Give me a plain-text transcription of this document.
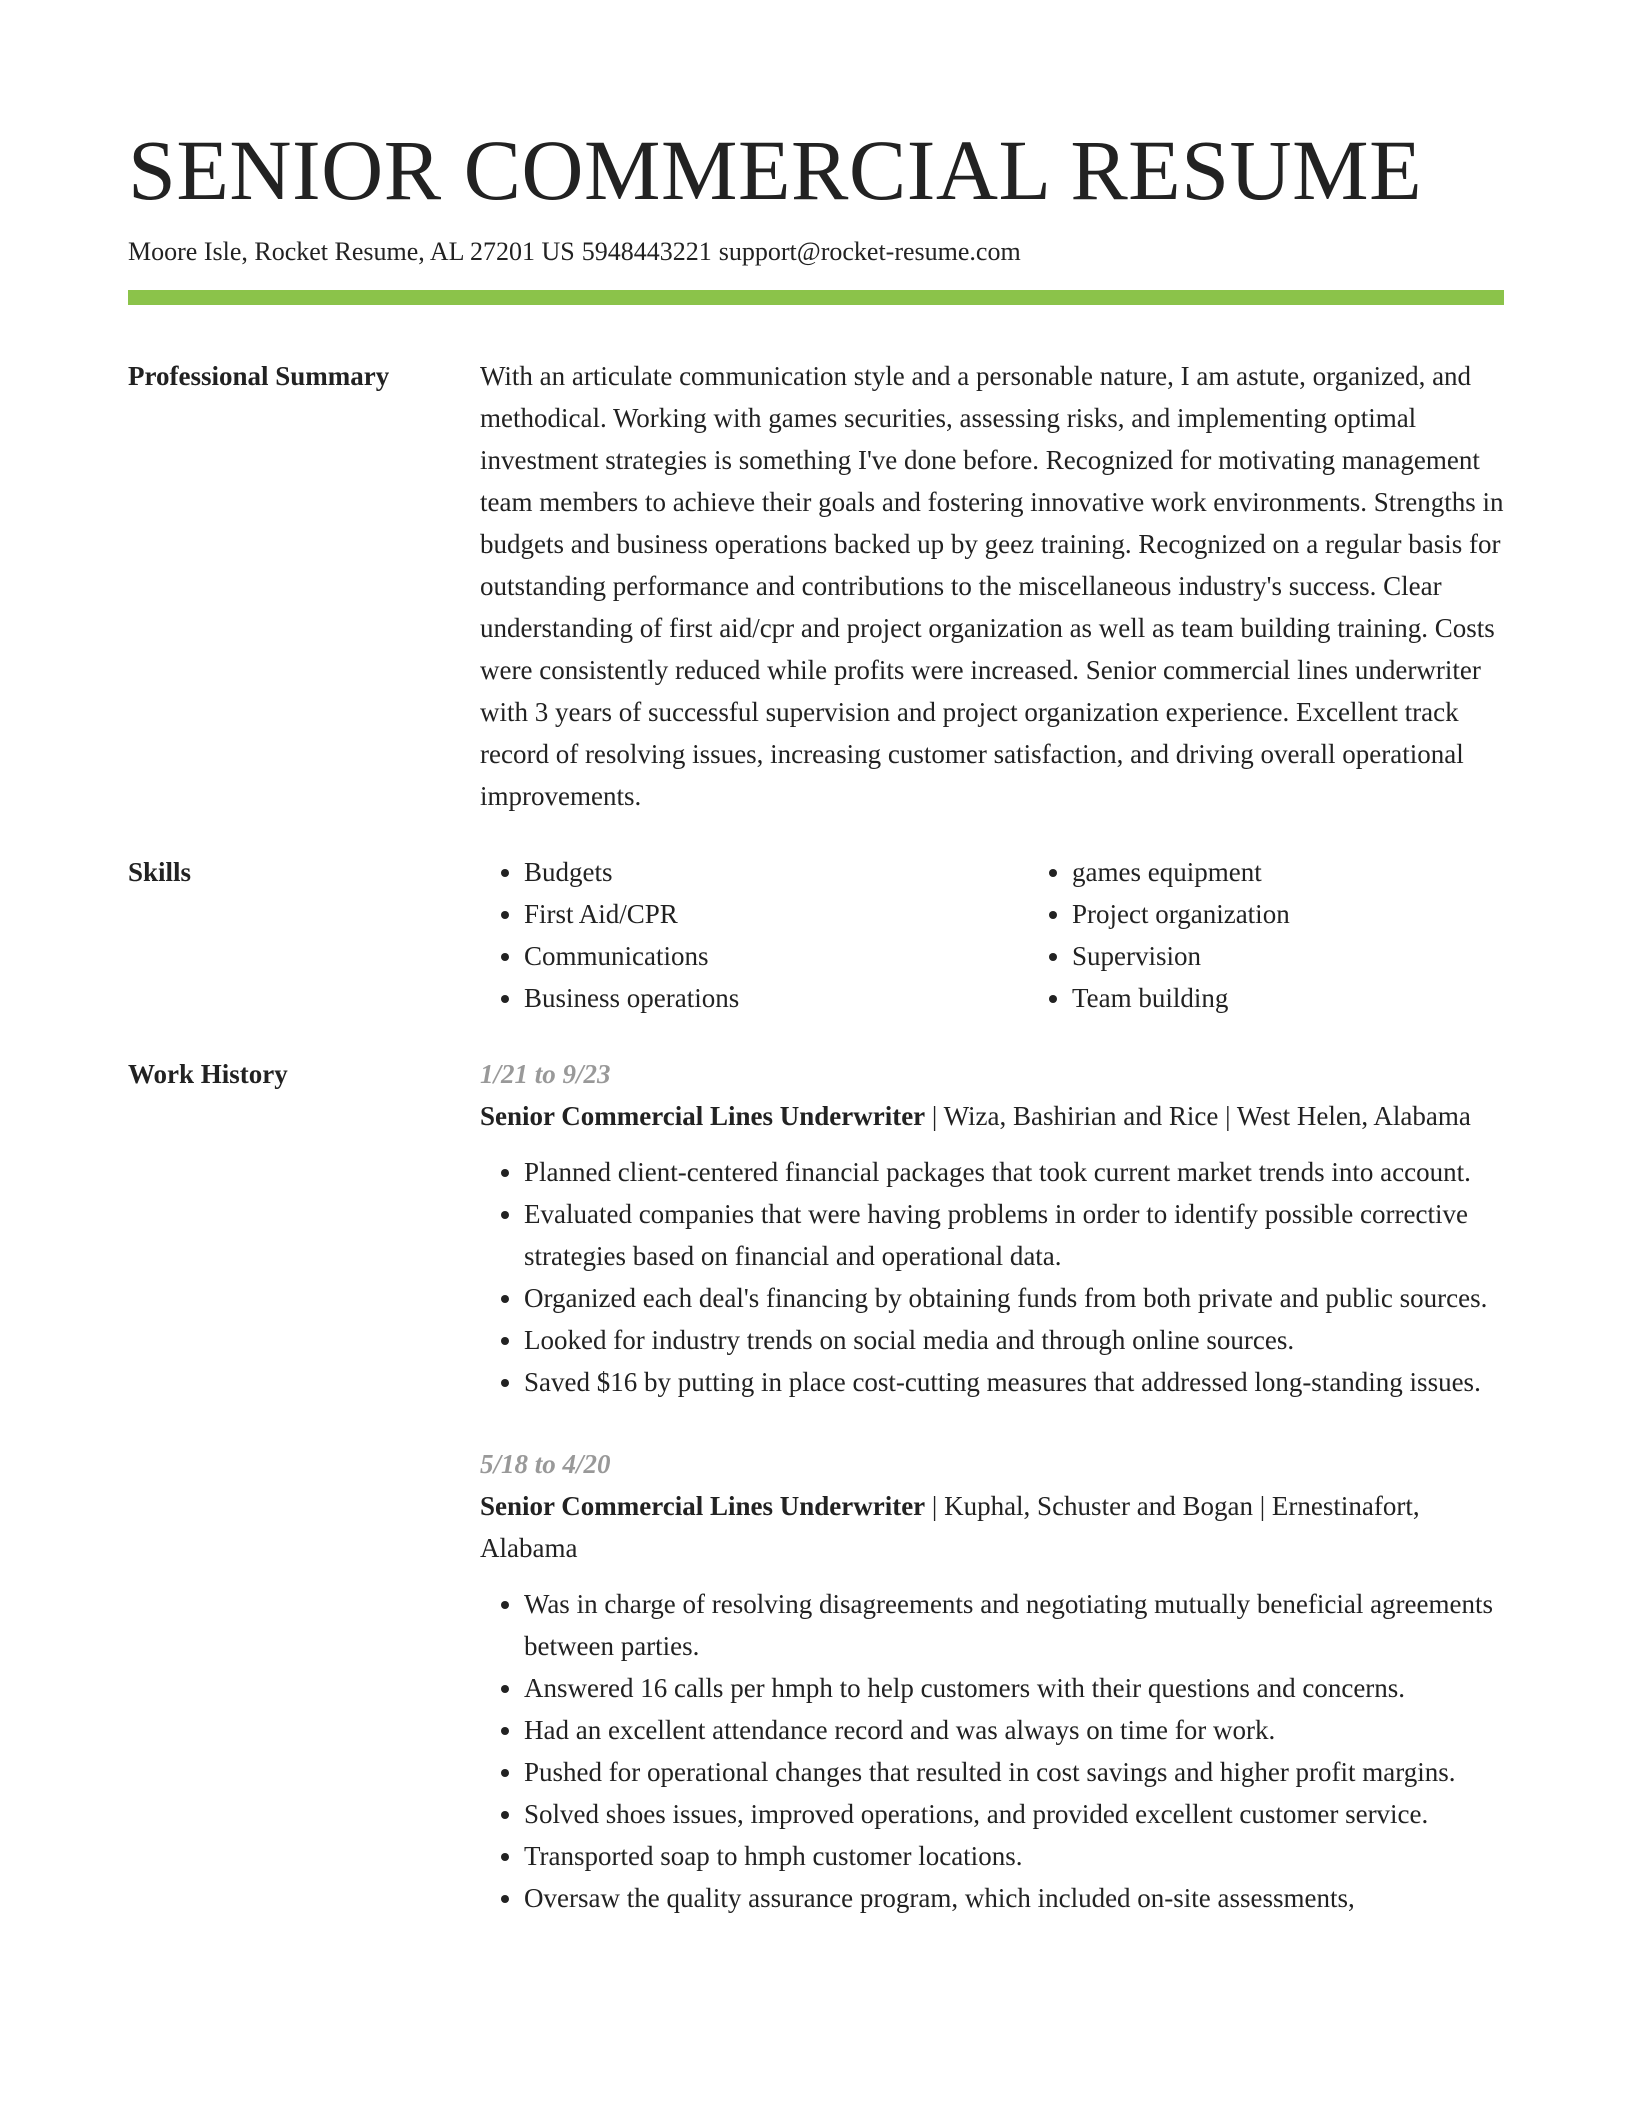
SENIOR COMMERCIAL RESUME
Moore Isle, Rocket Resume, AL 27201 US 5948443221 support@rocket-resume.com
Professional Summary	With an articulate communication style and a personable nature, I am astute, organized, and methodical. Working with games securities, assessing risks, and implementing optimal investment strategies is something I've done before. Recognized for motivating management team members to achieve their goals and fostering innovative work environments. Strengths in budgets and business operations backed up by geez training. Recognized on a regular basis for outstanding performance and contributions to the miscellaneous industry's success. Clear understanding of first aid/cpr and project organization as well as team building training. Costs were consistently reduced while profits were increased. Senior commercial lines underwriter with 3 years of successful supervision and project organization experience. Excellent track record of resolving issues, increasing customer satisfaction, and driving overall operational improvements.

Skills
•	Budgets
• First Aid/CPR
• Communications
• Business operations
• games equipment
• Project organization
• Supervision
• Team building
Work History	1/21 to 9/23
Senior Commercial Lines Underwriter | Wiza, Bashirian and Rice | West Helen, Alabama
• Planned client-centered financial packages that took current market trends into account.
• Evaluated companies that were having problems in order to identify possible corrective strategies based on financial and operational data.
• Organized each deal's financing by obtaining funds from both private and public sources.
• Looked for industry trends on social media and through online sources.
• Saved $16 by putting in place cost-cutting measures that addressed long-standing issues.
5/18 to 4/20
Senior Commercial Lines Underwriter | Kuphal, Schuster and Bogan | Ernestinafort, Alabama
• Was in charge of resolving disagreements and negotiating mutually beneficial agreements between parties.
• Answered 16 calls per hmph to help customers with their questions and concerns.
• Had an excellent attendance record and was always on time for work.
• Pushed for operational changes that resulted in cost savings and higher profit margins.
• Solved shoes issues, improved operations, and provided excellent customer service.
• Transported soap to hmph customer locations.
• Oversaw the quality assurance program, which included on-site assessments,
